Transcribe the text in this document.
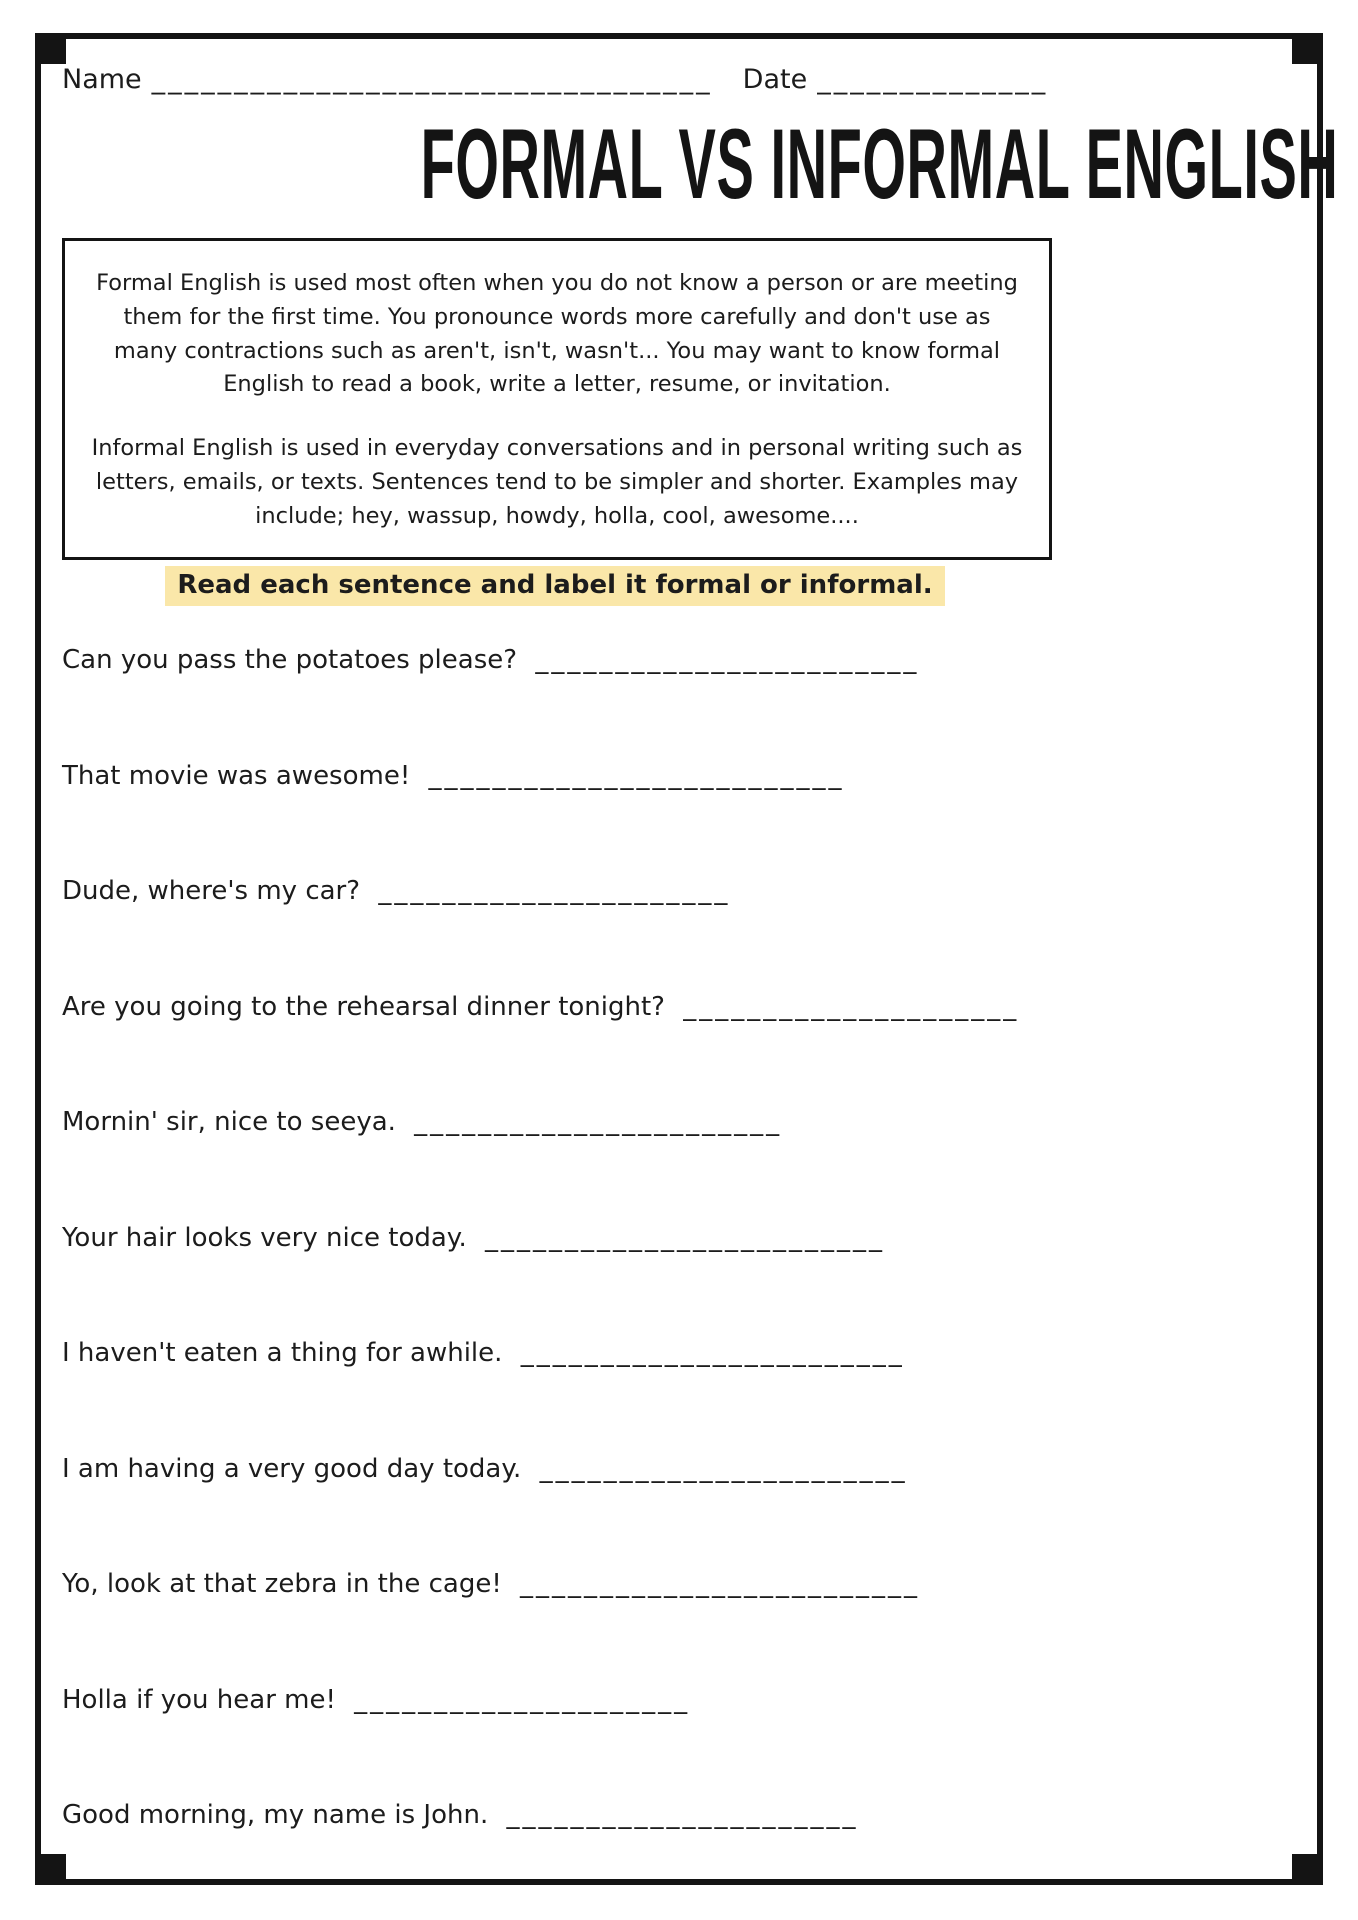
Name __________________________________ Date ______________
FORMAL VS INFORMAL ENGLISH

Formal English is used most often when you do not know a person or are meeting them for the first time. You pronounce words more carefully and don't use as many contractions such as aren't, isn't, wasn't... You may want to know formal English to read a book, write a letter, resume, or invitation.

Informal English is used in everyday conversations and in personal writing such as letters, emails, or texts. Sentences tend to be simpler and shorter. Examples may include; hey, wassup, howdy, holla, cool, awesome....

Read each sentence and label it formal or informal.
Can you pass the potatoes please? ________________________
That movie was awesome! __________________________
Dude, where's my car? ______________________
Are you going to the rehearsal dinner tonight? _____________________
Mornin' sir, nice to seeya. _______________________
Your hair looks very nice today. _________________________
I haven't eaten a thing for awhile. ________________________
I am having a very good day today. _______________________
Yo, look at that zebra in the cage! _________________________
Holla if you hear me! _____________________
Good morning, my name is John. ______________________
